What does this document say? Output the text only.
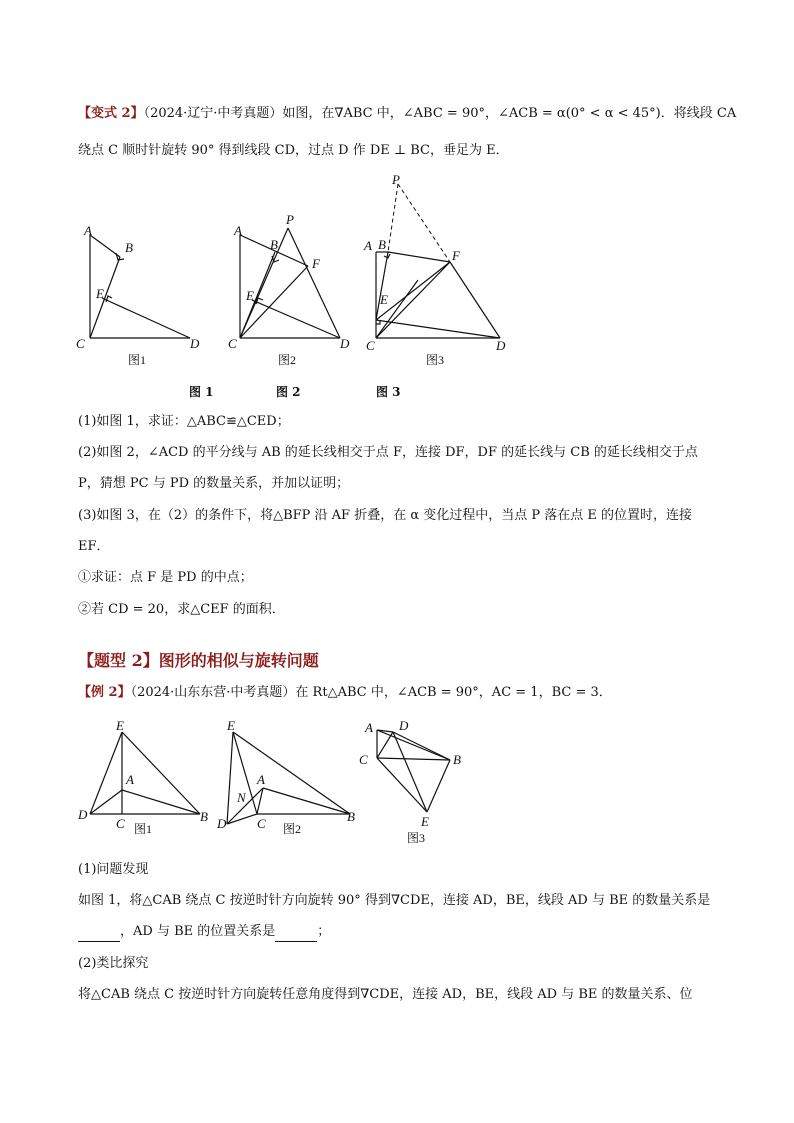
【变式 2】（2024·辽宁·中考真题）如图，在∇ABC 中，∠ABC = 90°，∠ACB = α(0° < α < 45°)．将线段 CA
绕点 C 顺时针旋转 90° 得到线段 CD，过点 D 作 DE ⊥ BC，垂足为 E．
A
B
E
C	D
图1
P
A
B
F
E
C	D
图2
P
A B
F
E
C	D
图3
图 1	图 2	图 3
(1)如图 1，求证：△ABC≌△CED；
(2)如图 2，∠ACD 的平分线与 AB 的延长线相交于点 F，连接 DF，DF 的延长线与 CB 的延长线相交于点
P，猜想 PC 与 PD 的数量关系，并加以证明；
(3)如图 3，在（2）的条件下，将△BFP 沿 AF 折叠，在 α 变化过程中，当点 P 落在点 E 的位置时，连接
EF．
①求证：点 F 是 PD 的中点；
②若 CD = 20，求△CEF 的面积．
【题型 2】图形的相似与旋转问题
【例 2】（2024·山东东营·中考真题）在 Rt△ABC 中，∠ACB = 90°，AC = 1，BC = 3．
E
A
D
C	B
图1
E
A
N
D C	B
图2
A D
C	B
E
图3
(1)问题发现
如图 1，将△CAB 绕点 C 按逆时针方向旋转 90° 得到∇CDE，连接 AD，BE，线段 AD 与 BE 的数量关系是
，AD 与 BE 的位置关系是	；
(2)类比探究
将△CAB 绕点 C 按逆时针方向旋转任意角度得到∇CDE，连接 AD，BE，线段 AD 与 BE 的数量关系、位
